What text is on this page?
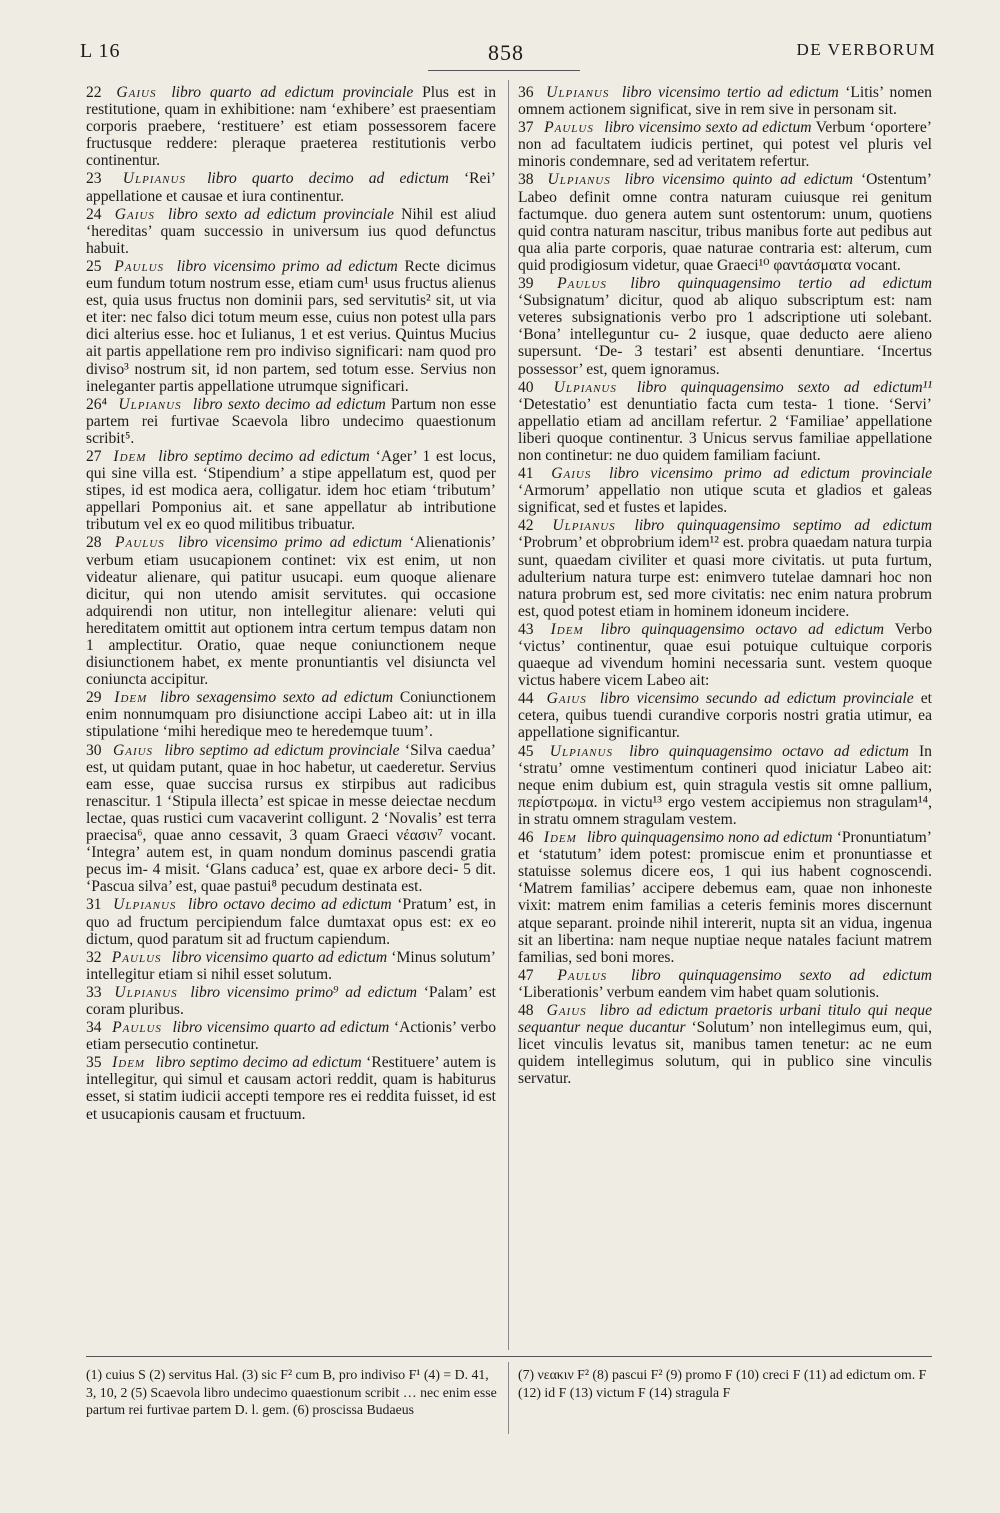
L 16	858	DE VERBORUM
22 Gaius libro quarto ad edictum provinciale Plus est in restitutione, quam in exhibitione: nam ‘exhibere’ est praesentiam corporis praebere, ‘restituere’ est etiam possessorem facere fructusque reddere: pleraque praeterea restitutionis verbo continentur.
23 Ulpianus libro quarto decimo ad edictum ‘Rei’ appellatione et causae et iura continentur.
24 Gaius libro sexto ad edictum provinciale Nihil est aliud ‘hereditas’ quam successio in universum ius quod defunctus habuit.
25 Paulus libro vicensimo primo ad edictum Recte dicimus eum fundum totum nostrum esse, etiam cum¹ usus fructus alienus est, quia usus fructus non dominii pars, sed servitutis² sit, ut via et iter: nec falso dici totum meum esse, cuius non potest ulla pars dici alterius esse. hoc et Iulianus, 1 et est verius. Quintus Mucius ait partis appellatione rem pro indiviso significari: nam quod pro diviso³ nostrum sit, id non partem, sed totum esse. Servius non ineleganter partis appellatione utrumque significari.
26⁴ Ulpianus libro sexto decimo ad edictum Partum non esse partem rei furtivae Scaevola libro undecimo quaestionum scribit⁵.
27 Idem libro septimo decimo ad edictum ‘Ager’ 1 est locus, qui sine villa est. ‘Stipendium’ a stipe appellatum est, quod per stipes, id est modica aera, colligatur. idem hoc etiam ‘tributum’ appellari Pomponius ait. et sane appellatur ab intributione tributum vel ex eo quod militibus tribuatur.
28 Paulus libro vicensimo primo ad edictum ‘Alienationis’ verbum etiam usucapionem continet: vix est enim, ut non videatur alienare, qui patitur usucapi. eum quoque alienare dicitur, qui non utendo amisit servitutes. qui occasione adquirendi non utitur, non intellegitur alienare: veluti qui hereditatem omittit aut optionem intra certum tempus datam non 1 amplectitur. Oratio, quae neque coniunctionem neque disiunctionem habet, ex mente pronuntiantis vel disiuncta vel coniuncta accipitur.
29 Idem libro sexagensimo sexto ad edictum Coniunctionem enim nonnumquam pro disiunctione accipi Labeo ait: ut in illa stipulatione ‘mihi heredique meo te heredemque tuum’.
30 Gaius libro septimo ad edictum provinciale ‘Silva caedua’ est, ut quidam putant, quae in hoc habetur, ut caederetur. Servius eam esse, quae succisa rursus ex stirpibus aut radicibus renascitur. 1 ‘Stipula illecta’ est spicae in messe deiectae necdum lectae, quas rustici cum vacaverint colligunt. 2 ‘Novalis’ est terra praecisa⁶, quae anno cessavit, 3 quam Graeci νέασιν⁷ vocant. ‘Integra’ autem est, in quam nondum dominus pascendi gratia pecus im- 4 misit. ‘Glans caduca’ est, quae ex arbore deci- 5 dit. ‘Pascua silva’ est, quae pastui⁸ pecudum destinata est.
31 Ulpianus libro octavo decimo ad edictum ‘Pratum’ est, in quo ad fructum percipiendum falce dumtaxat opus est: ex eo dictum, quod paratum sit ad fructum capiendum.
32 Paulus libro vicensimo quarto ad edictum ‘Minus solutum’ intellegitur etiam si nihil esset solutum.
33 Ulpianus libro vicensimo primo⁹ ad edictum ‘Palam’ est coram pluribus.
34 Paulus libro vicensimo quarto ad edictum ‘Actionis’ verbo etiam persecutio continetur.
35 Idem libro septimo decimo ad edictum ‘Restituere’ autem is intellegitur, qui simul et causam actori reddit, quam is habiturus esset, si statim iudicii accepti tempore res ei reddita fuisset, id est et usucapionis causam et fructuum.
36 Ulpianus libro vicensimo tertio ad edictum ‘Litis’ nomen omnem actionem significat, sive in rem sive in personam sit.
37 Paulus libro vicensimo sexto ad edictum Verbum ‘oportere’ non ad facultatem iudicis pertinet, qui potest vel pluris vel minoris condemnare, sed ad veritatem refertur.
38 Ulpianus libro vicensimo quinto ad edictum ‘Ostentum’ Labeo definit omne contra naturam cuiusque rei genitum factumque. duo genera autem sunt ostentorum: unum, quotiens quid contra naturam nascitur, tribus manibus forte aut pedibus aut qua alia parte corporis, quae naturae contraria est: alterum, cum quid prodigiosum videtur, quae Graeci¹⁰ φαντάσματα vocant.
39 Paulus libro quinquagensimo tertio ad edictum ‘Subsignatum’ dicitur, quod ab aliquo subscriptum est: nam veteres subsignationis verbo pro 1 adscriptione uti solebant. ‘Bona’ intelleguntur cu- 2 iusque, quae deducto aere alieno supersunt. ‘De- 3 testari’ est absenti denuntiare. ‘Incertus possessor’ est, quem ignoramus.
40 Ulpianus libro quinquagensimo sexto ad edictum¹¹ ‘Detestatio’ est denuntiatio facta cum testa- 1 tione. ‘Servi’ appellatio etiam ad ancillam refertur. 2 ‘Familiae’ appellatione liberi quoque continentur. 3 Unicus servus familiae appellatione non continetur: ne duo quidem familiam faciunt.
41 Gaius libro vicensimo primo ad edictum provinciale ‘Armorum’ appellatio non utique scuta et gladios et galeas significat, sed et fustes et lapides.
42 Ulpianus libro quinquagensimo septimo ad edictum ‘Probrum’ et obprobrium idem¹² est. probra quaedam natura turpia sunt, quaedam civiliter et quasi more civitatis. ut puta furtum, adulterium natura turpe est: enimvero tutelae damnari hoc non natura probrum est, sed more civitatis: nec enim natura probrum est, quod potest etiam in hominem idoneum incidere.
43 Idem libro quinquagensimo octavo ad edictum Verbo ‘victus’ continentur, quae esui potuique cultuique corporis quaeque ad vivendum homini necessaria sunt. vestem quoque victus habere vicem Labeo ait:
44 Gaius libro vicensimo secundo ad edictum provinciale et cetera, quibus tuendi curandive corporis nostri gratia utimur, ea appellatione significantur.
45 Ulpianus libro quinquagensimo octavo ad edictum In ‘stratu’ omne vestimentum contineri quod iniciatur Labeo ait: neque enim dubium est, quin stragula vestis sit omne pallium, περίστρωμα. in victu¹³ ergo vestem accipiemus non stragulam¹⁴, in stratu omnem stragulam vestem.
46 Idem libro quinquagensimo nono ad edictum ‘Pronuntiatum’ et ‘statutum’ idem potest: promiscue enim et pronuntiasse et statuisse solemus dicere eos, 1 qui ius habent cognoscendi. ‘Matrem familias’ accipere debemus eam, quae non inhoneste vixit: matrem enim familias a ceteris feminis mores discernunt atque separant. proinde nihil intererit, nupta sit an vidua, ingenua sit an libertina: nam neque nuptiae neque natales faciunt matrem familias, sed boni mores.
47 Paulus libro quinquagensimo sexto ad edictum ‘Liberationis’ verbum eandem vim habet quam solutionis.
48 Gaius libro ad edictum praetoris urbani titulo qui neque sequantur neque ducantur ‘Solutum’ non intellegimus eum, qui, licet vinculis levatus sit, manibus tamen tenetur: ac ne eum quidem intellegimus solutum, qui in publico sine vinculis servatur.
(1) cuius S (2) servitus Hal. (3) sic F² cum B, pro indiviso F¹ (4) = D. 41, 3, 10, 2 (5) Scaevola libro undecimo quaestionum scribit … nec enim esse partum rei furtivae partem D. l. gem. (6) proscissa Budaeus
(7) νεακιν F² (8) pascui F² (9) promo F (10) creci F (11) ad edictum om. F (12) id F (13) victum F (14) stragula F
